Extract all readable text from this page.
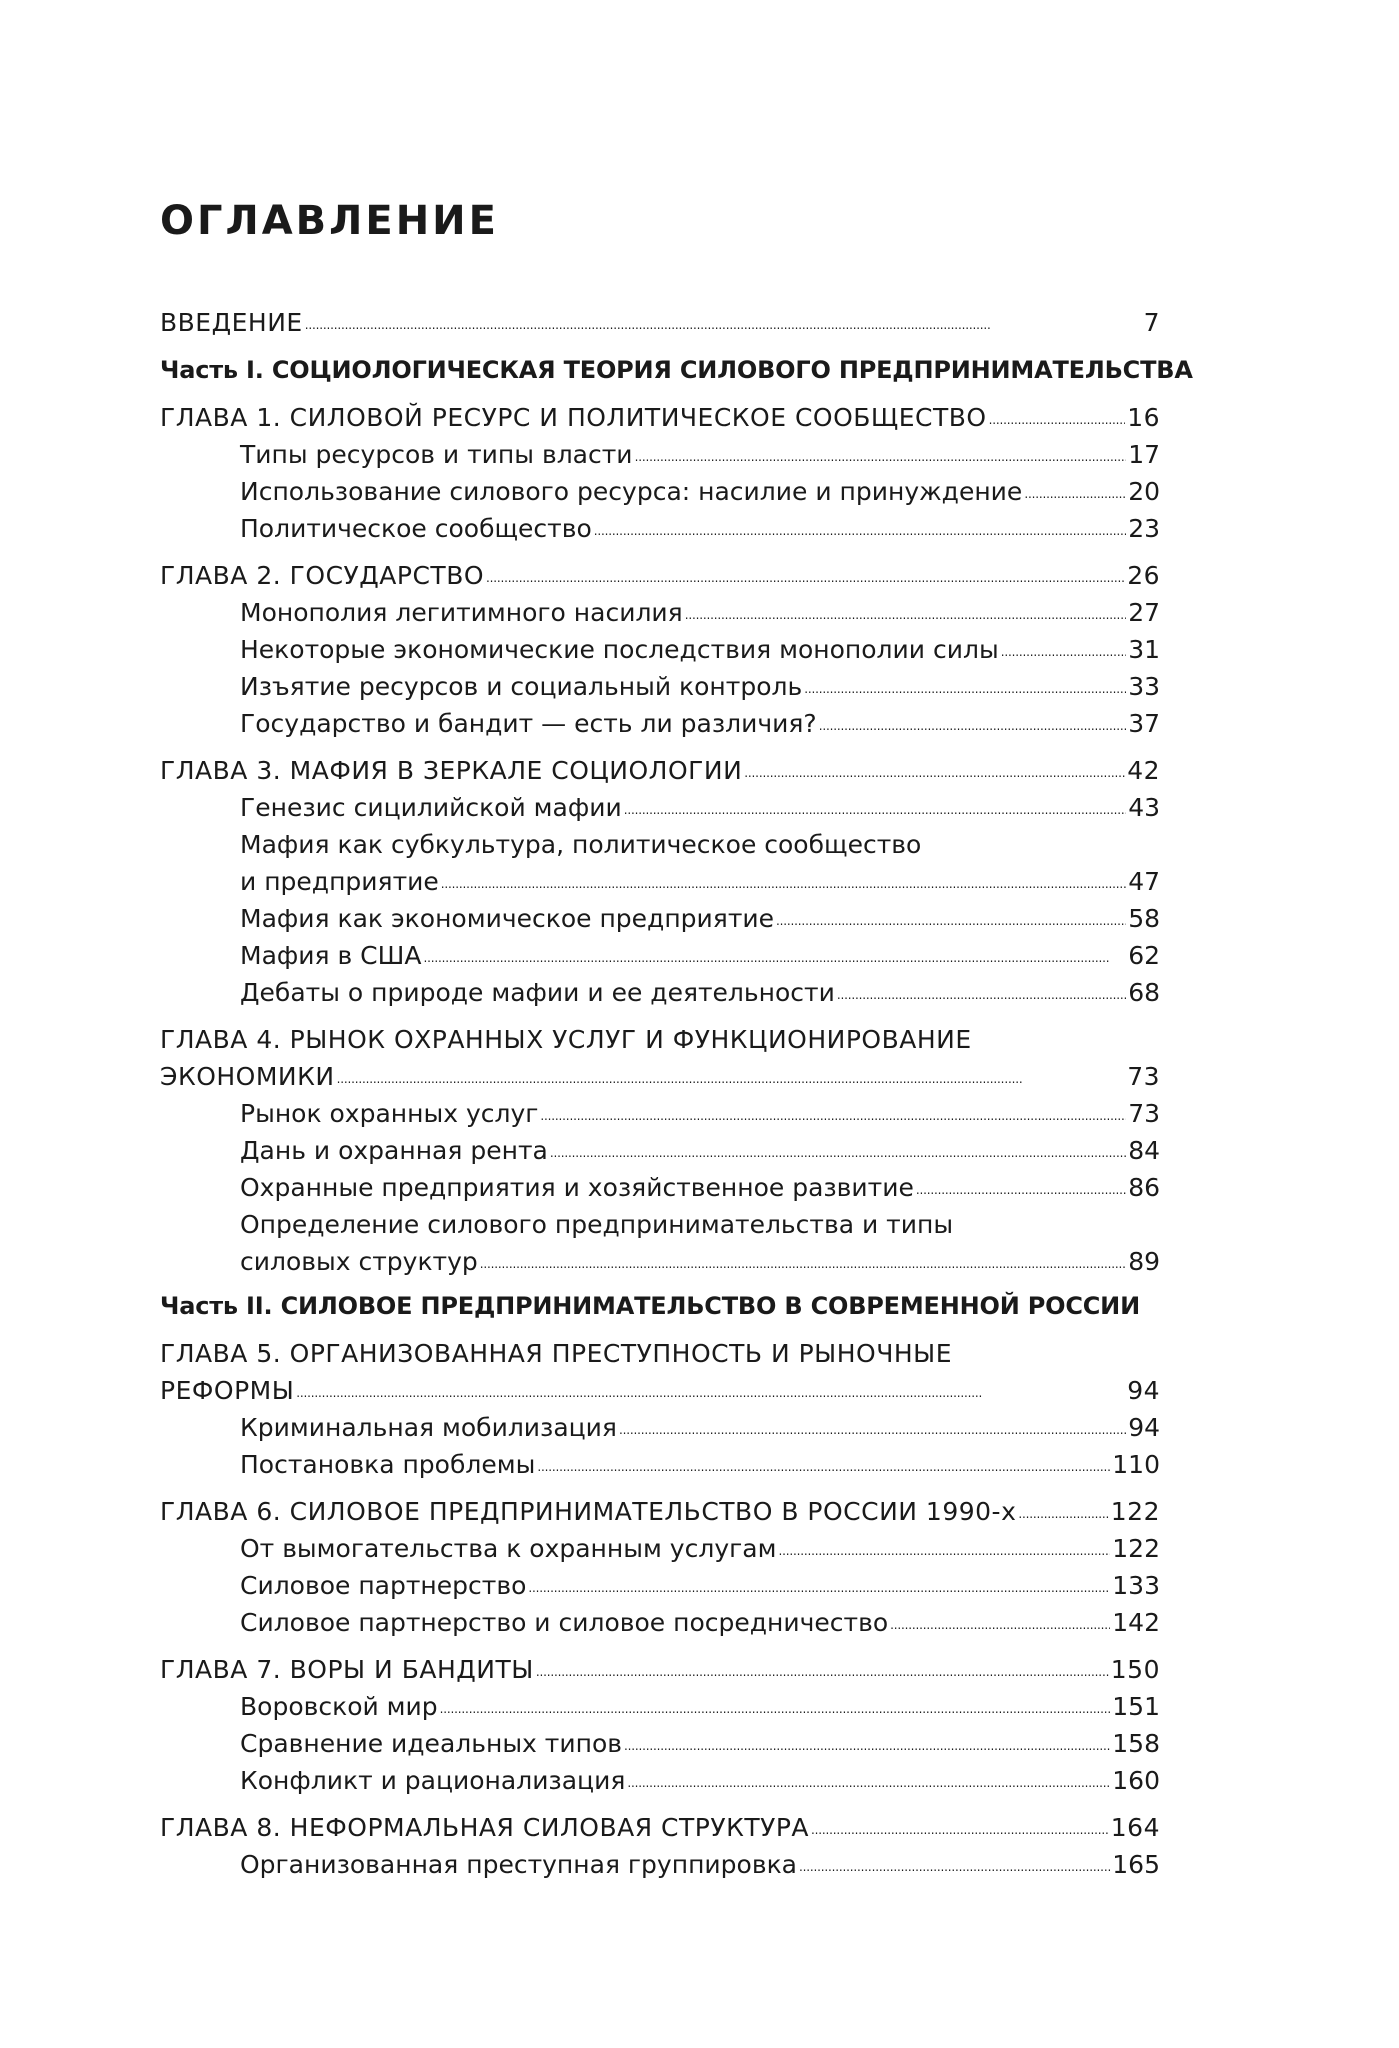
ОГЛАВЛЕНИЕ
ВВЕДЕНИЕ . . .	7
Часть I. СОЦИОЛОГИЧЕСКАЯ ТЕОРИЯ СИЛОВОГО ПРЕДПРИНИМАТЕЛЬСТВА
ГЛАВА 1. СИЛОВОЙ РЕСУРС И ПОЛИТИЧЕСКОЕ СООБЩЕСТВО . . .	16
Типы ресурсов и типы власти . . .	17
Использование силового ресурса: насилие и принуждение . . .	20
Политическое сообщество . . .	23
ГЛАВА 2. ГОСУДАРСТВО . . .	26
Монополия легитимного насилия . . .	27
Некоторые экономические последствия монополии силы . . .	31
Изъятие ресурсов и социальный контроль . . .	33
Государство и бандит — есть ли различия? . . .	37
ГЛАВА 3. МАФИЯ В ЗЕРКАЛЕ СОЦИОЛОГИИ . . .	42
Генезис сицилийской мафии . . .	43
Мафия как субкультура, политическое сообщество
и предприятие . . .	47
Мафия как экономическое предприятие . . .	58
Мафия в США . . .	62
Дебаты о природе мафии и ее деятельности . . .	68
ГЛАВА 4. РЫНОК ОХРАННЫХ УСЛУГ И ФУНКЦИОНИРОВАНИЕ
ЭКОНОМИКИ . . .	73
Рынок охранных услуг . . .	73
Дань и охранная рента . . .	84
Охранные предприятия и хозяйственное развитие . . .	86
Определение силового предпринимательства и типы
силовых структур . . .	89
Часть II. СИЛОВОЕ ПРЕДПРИНИМАТЕЛЬСТВО В СОВРЕМЕННОЙ РОССИИ
ГЛАВА 5. ОРГАНИЗОВАННАЯ ПРЕСТУПНОСТЬ И РЫНОЧНЫЕ
РЕФОРМЫ . . .	94
Криминальная мобилизация . . .	94
Постановка проблемы . . .	110
ГЛАВА 6. СИЛОВОЕ ПРЕДПРИНИМАТЕЛЬСТВО В РОССИИ 1990-х . . .	122
От вымогательства к охранным услугам . . .	122
Силовое партнерство . . .	133
Силовое партнерство и силовое посредничество . . .	142
ГЛАВА 7. ВОРЫ И БАНДИТЫ . . .	150
Воровской мир . . .	151
Сравнение идеальных типов . . .	158
Конфликт и рационализация . . .	160
ГЛАВА 8. НЕФОРМАЛЬНАЯ СИЛОВАЯ СТРУКТУРА . . .	164
Организованная преступная группировка . . .	165
